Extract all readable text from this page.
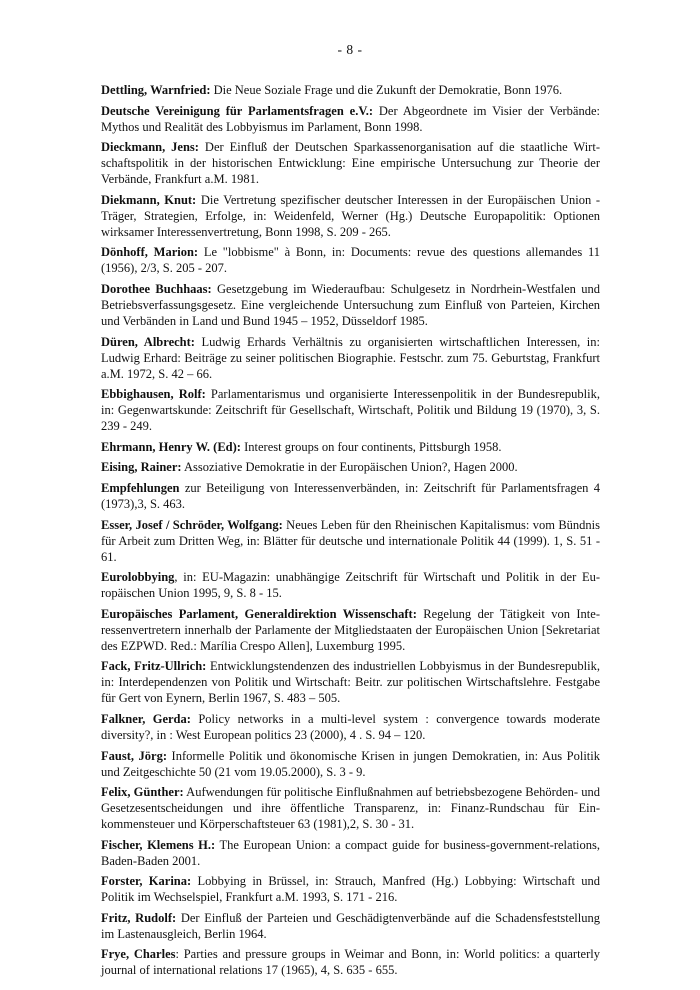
- 8 -

Dettling, Warnfried: Die Neue Soziale Frage und die Zukunft der Demokratie, Bonn 1976.

Deutsche Vereinigung für Parlamentsfragen e.V.: Der Abgeordnete im Visier der Verbände: Mythos und Realität des Lobbyismus im Parlament, Bonn 1998.

Dieckmann, Jens: Der Einfluß der Deutschen Sparkassenorganisation auf die staatliche Wirtschaftspolitik in der historischen Entwicklung: Eine empirische Untersuchung zur Theorie der Verbände, Frankfurt a.M. 1981.

Diekmann, Knut: Die Vertretung spezifischer deutscher Interessen in der Europäischen Union - Träger, Strategien, Erfolge, in: Weidenfeld, Werner (Hg.) Deutsche Europapolitik: Optionen wirksamer Interessenvertretung, Bonn 1998, S. 209 - 265.

Dönhoff, Marion: Le "lobbisme" à Bonn, in: Documents: revue des questions allemandes 11 (1956), 2/3, S. 205 - 207.

Dorothee Buchhaas: Gesetzgebung im Wiederaufbau: Schulgesetz in Nordrhein-Westfalen und Betriebsverfassungsgesetz. Eine vergleichende Untersuchung zum Einfluß von Parteien, Kirchen und Verbänden in Land und Bund 1945 – 1952, Düsseldorf 1985.

Düren, Albrecht: Ludwig Erhards Verhältnis zu organisierten wirtschaftlichen Interessen, in: Ludwig Erhard: Beiträge zu seiner politischen Biographie. Festschr. zum 75. Geburtstag, Frankfurt a.M. 1972, S. 42 – 66.

Ebbighausen, Rolf: Parlamentarismus und organisierte Interessenpolitik in der Bundesrepublik, in: Gegenwartskunde: Zeitschrift für Gesellschaft, Wirtschaft, Politik und Bildung 19 (1970), 3, S. 239 - 249.

Ehrmann, Henry W. (Ed): Interest groups on four continents, Pittsburgh 1958.

Eising, Rainer: Assoziative Demokratie in der Europäischen Union?, Hagen 2000.

Empfehlungen zur Beteiligung von Interessenverbänden, in: Zeitschrift für Parlamentsfragen 4 (1973),3, S. 463.

Esser, Josef / Schröder, Wolfgang: Neues Leben für den Rheinischen Kapitalismus: vom Bündnis für Arbeit zum Dritten Weg, in: Blätter für deutsche und internationale Politik 44 (1999). 1, S. 51 - 61.

Eurolobbying, in: EU-Magazin: unabhängige Zeitschrift für Wirtschaft und Politik in der Europäischen Union 1995, 9, S. 8 - 15.

Europäisches Parlament, Generaldirektion Wissenschaft: Regelung der Tätigkeit von Interessenvertretern innerhalb der Parlamente der Mitgliedstaaten der Europäischen Union [Sekretariat des EZPWD. Red.: Marília Crespo Allen], Luxemburg 1995.

Fack, Fritz-Ullrich: Entwicklungstendenzen des industriellen Lobbyismus in der Bundesrepublik, in: Interdependenzen von Politik und Wirtschaft: Beitr. zur politischen Wirtschaftslehre. Festgabe für Gert von Eynern, Berlin 1967, S. 483 – 505.

Falkner, Gerda: Policy networks in a multi-level system : convergence towards moderate diversity?, in : West European politics 23 (2000), 4 . S. 94 – 120.

Faust, Jörg: Informelle Politik und ökonomische Krisen in jungen Demokratien, in: Aus Politik und Zeitgeschichte 50 (21 vom 19.05.2000), S. 3 - 9.

Felix, Günther: Aufwendungen für politische Einflußnahmen auf betriebsbezogene Behörden- und Gesetzesentscheidungen und ihre öffentliche Transparenz, in: Finanz-Rundschau für Einkommensteuer und Körperschaftsteuer 63 (1981),2, S. 30 - 31.

Fischer, Klemens H.: The European Union: a compact guide for business-government-relations, Baden-Baden 2001.

Forster, Karina: Lobbying in Brüssel, in: Strauch, Manfred (Hg.) Lobbying: Wirtschaft und Politik im Wechselspiel, Frankfurt a.M. 1993, S. 171 - 216.

Fritz, Rudolf: Der Einfluß der Parteien und Geschädigtenverbände auf die Schadensfeststellung im Lastenausgleich, Berlin 1964.

Frye, Charles: Parties and pressure groups in Weimar and Bonn, in: World politics: a quarterly journal of international relations 17 (1965), 4, S. 635 - 655.
